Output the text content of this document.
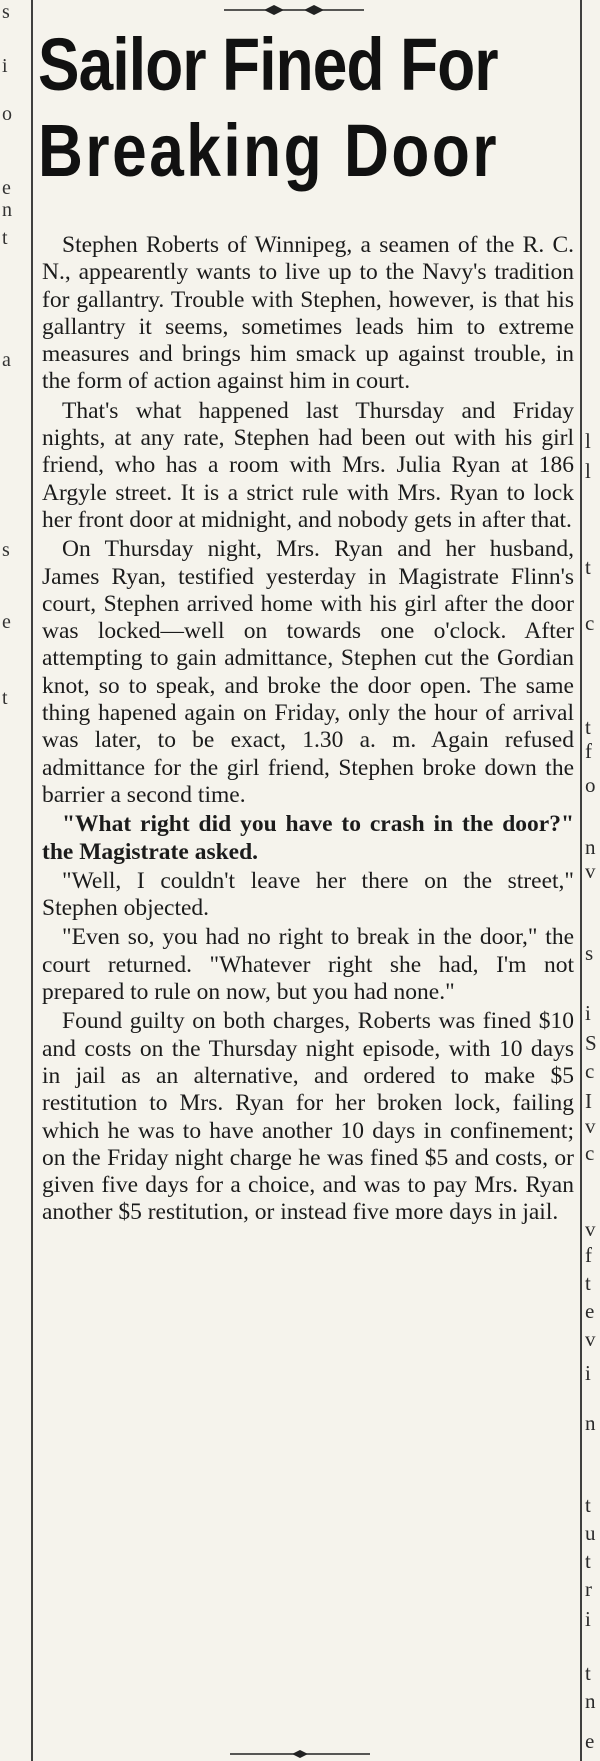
s
i
o
e
n
t
a
s
e
t
l
l
t
c
t
f
o
n
v
s
i
S
c
I
v
c
v
f
t
e
v
i
n
t
u
t
r
i
t
n
e
Sailor Fined For
Breaking Door

Stephen Roberts of Winnipeg, a seamen of the R. C. N., appearently wants to live up to the Navy's tradition for gallantry. Trouble with Stephen, however, is that his gallantry it seems, sometimes leads him to extreme measures and brings him smack up against trouble, in the form of action against him in court.

That's what happened last Thursday and Friday nights, at any rate, Stephen had been out with his girl friend, who has a room with Mrs. Julia Ryan at 186 Argyle street. It is a strict rule with Mrs. Ryan to lock her front door at midnight, and nobody gets in after that.

On Thursday night, Mrs. Ryan and her husband, James Ryan, testified yesterday in Magistrate Flinn's court, Stephen arrived home with his girl after the door was locked—well on towards one o'clock. After attempting to gain admittance, Stephen cut the Gordian knot, so to speak, and broke the door open. The same thing hapened again on Friday, only the hour of arrival was later, to be exact, 1.30 a. m. Again refused admittance for the girl friend, Stephen broke down the barrier a second time.

"What right did you have to crash in the door?" the Magistrate asked.

"Well, I couldn't leave her there on the street," Stephen objected.

"Even so, you had no right to break in the door," the court returned. "Whatever right she had, I'm not prepared to rule on now, but you had none."

Found guilty on both charges, Roberts was fined $10 and costs on the Thursday night episode, with 10 days in jail as an alternative, and ordered to make $5 restitution to Mrs. Ryan for her broken lock, failing which he was to have another 10 days in confinement; on the Friday night charge he was fined $5 and costs, or given five days for a choice, and was to pay Mrs. Ryan another $5 restitution, or instead five more days in jail.
